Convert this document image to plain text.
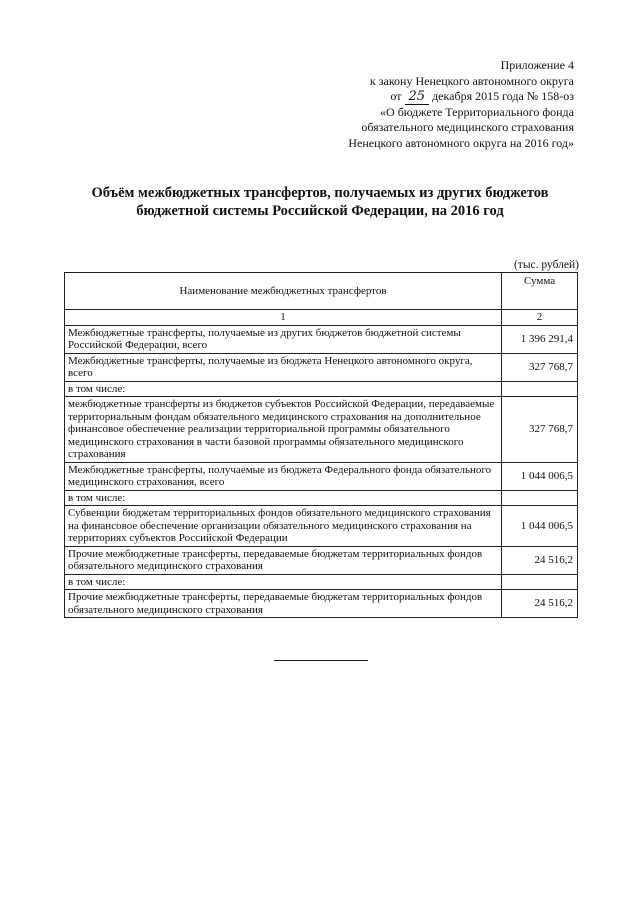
Приложение 4
к закону Ненецкого автономного округа
от 25 декабря 2015 года № 158-оз
«О бюджете Территориального фонда
обязательного медицинского страхования
Ненецкого автономного округа на 2016 год»
Объём межбюджетных трансфертов, получаемых из других бюджетов
бюджетной системы Российской Федерации, на 2016 год
(тыс. рублей)
Наименование межбюджетных трансфертов	Сумма
1	2
Межбюджетные трансферты, получаемые из других бюджетов бюджетной системы Российской Федерации, всего	1 396 291,4
Межбюджетные трансферты, получаемые из бюджета Ненецкого автономного округа, всего	327 768,7
в том числе:	
межбюджетные трансферты из бюджетов субъектов Российской Федерации, передаваемые территориальным фондам обязательного медицинского страхования на дополнительное финансовое обеспечение реализации территориальной программы обязательного медицинского страхования в части базовой программы обязательного медицинского страхования	327 768,7
Межбюджетные трансферты, получаемые из бюджета Федерального фонда обязательного медицинского страхования, всего	1 044 006,5
в том числе:	
Субвенции бюджетам территориальных фондов обязательного медицинского страхования на финансовое обеспечение организации обязательного медицинского страхования на территориях субъектов Российской Федерации	1 044 006,5
Прочие межбюджетные трансферты, передаваемые бюджетам территориальных фондов обязательного медицинского страхования	24 516,2
в том числе:	
Прочие межбюджетные трансферты, передаваемые бюджетам территориальных фондов обязательного медицинского страхования	24 516,2
